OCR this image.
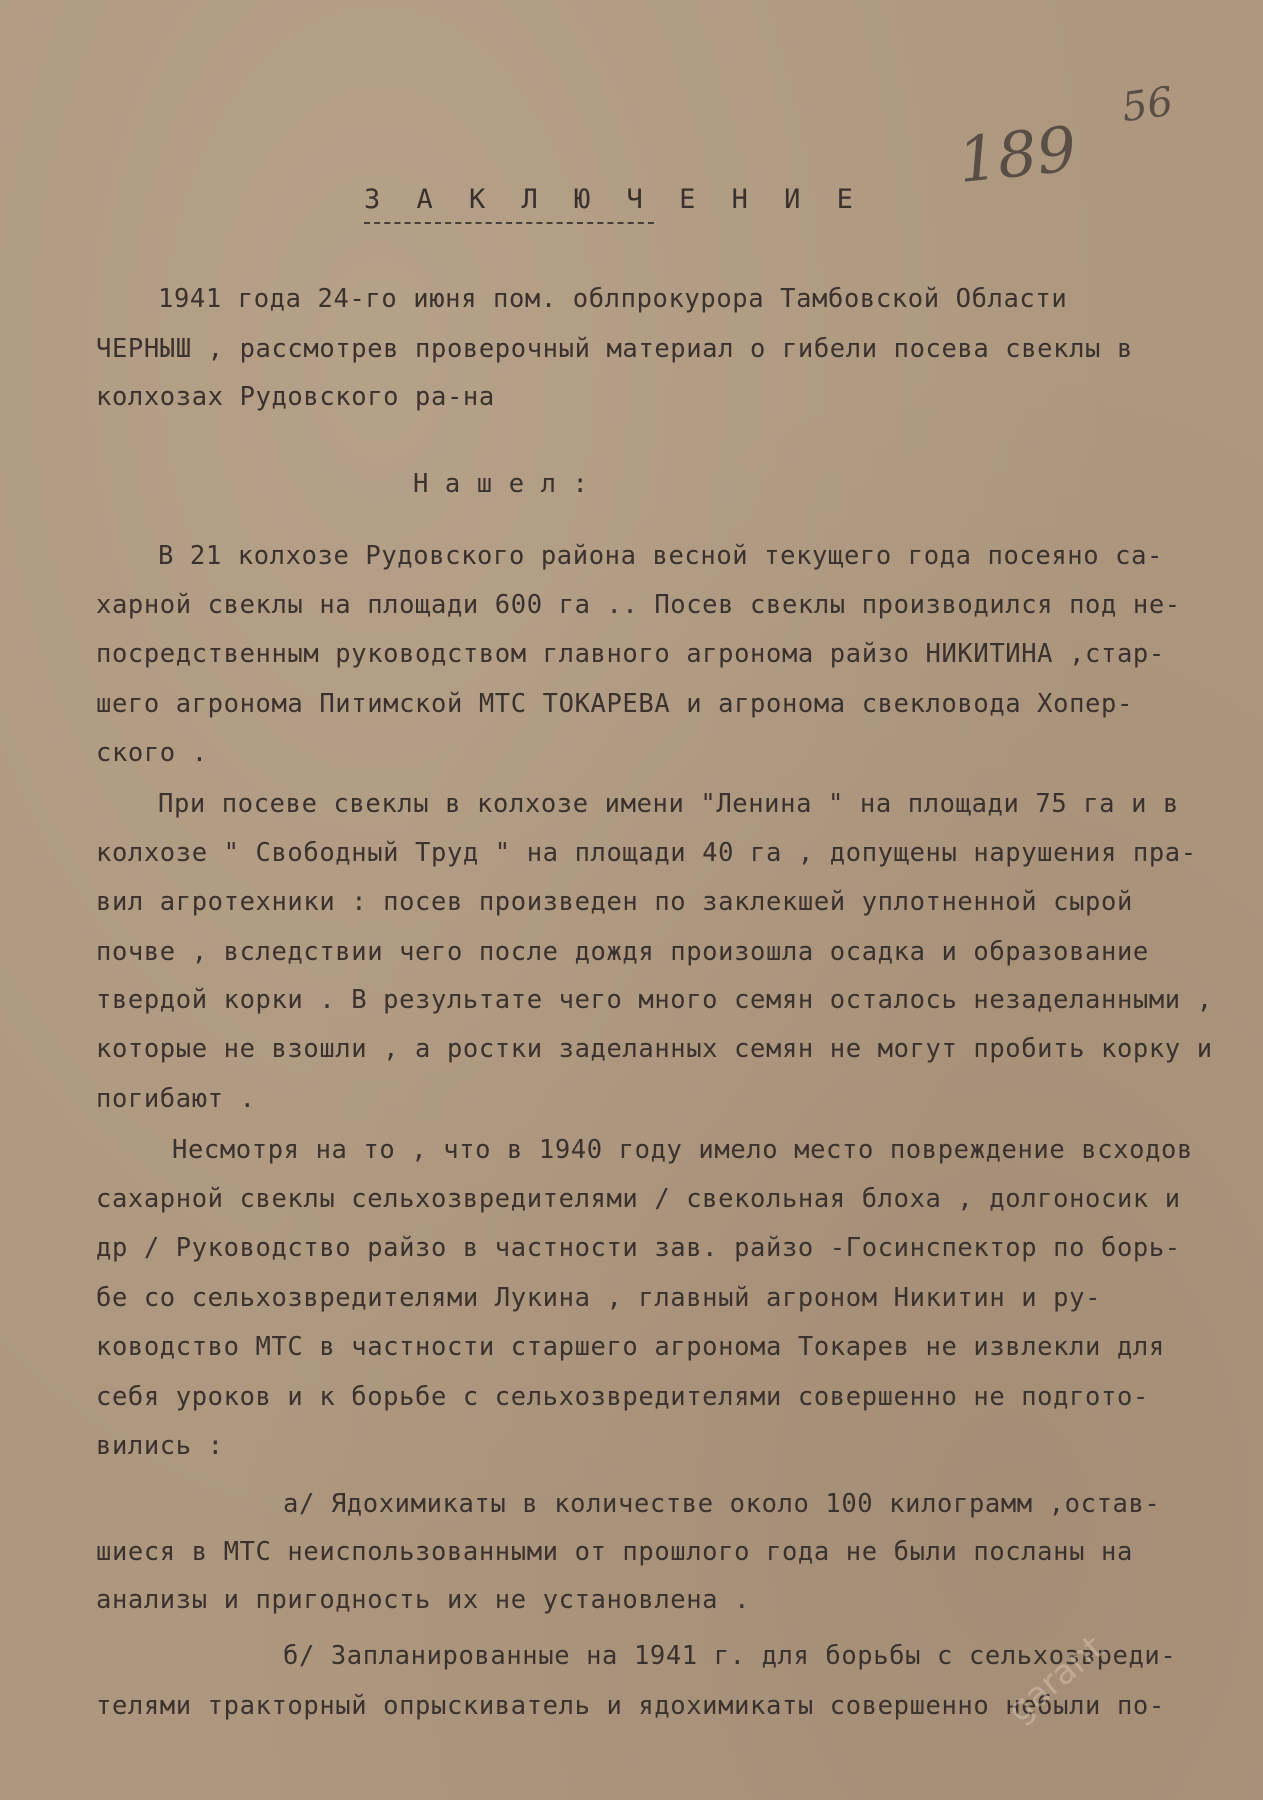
189
56
З А К Л Ю Ч Е Н И Е
1941 года 24-го июня пом. облпрокурора Тамбовской Области
ЧЕРНЫШ , рассмотрев проверочный материал о гибели посева свеклы в
колхозах Рудовского ра-на
Н а ш е л :
В 21 колхозе Рудовского района весной текущего года посеяно са-
харной свеклы на площади 600 га .. Посев свеклы производился под не-
посредственным руководством главного агронома райзо НИКИТИНА ,стар-
шего агронома Питимской МТС ТОКАРЕВА и агронома свекловода Хопер-
ского .
При посеве свеклы в колхозе имени "Ленина " на площади 75 га и в
колхозе " Свободный Труд " на площади 40 га , допущены нарушения пра-
вил агротехники : посев произведен по заклекшей уплотненной сырой
почве , вследствии чего после дождя произошла осадка и образование
твердой корки . В результате чего много семян осталось незаделанными ,
которые не взошли , а ростки заделанных семян не могут пробить корку и
погибают .
Несмотря на то , что в 1940 году имело место повреждение всходов
сахарной свеклы сельхозвредителями / свекольная блоха , долгоносик и
др / Руководство райзо в частности зав. райзо -Госинспектор по борь-
бе со сельхозвредителями Лукина , главный агроном Никитин и ру-
ководство МТС в частности старшего агронома Токарев не извлекли для
себя уроков и к борьбе с сельхозвредителями совершенно не подгото-
вились :
а/ Ядохимикаты в количестве около 100 килограмм ,остав-
шиеся в МТС неиспользованными от прошлого года не были посланы на
анализы и пригодность их не установлена .
б/ Запланированные на 1941 г. для борьбы с сельхозвреди-
телями тракторный опрыскиватель и ядохимикаты совершенно небыли по-
garant
